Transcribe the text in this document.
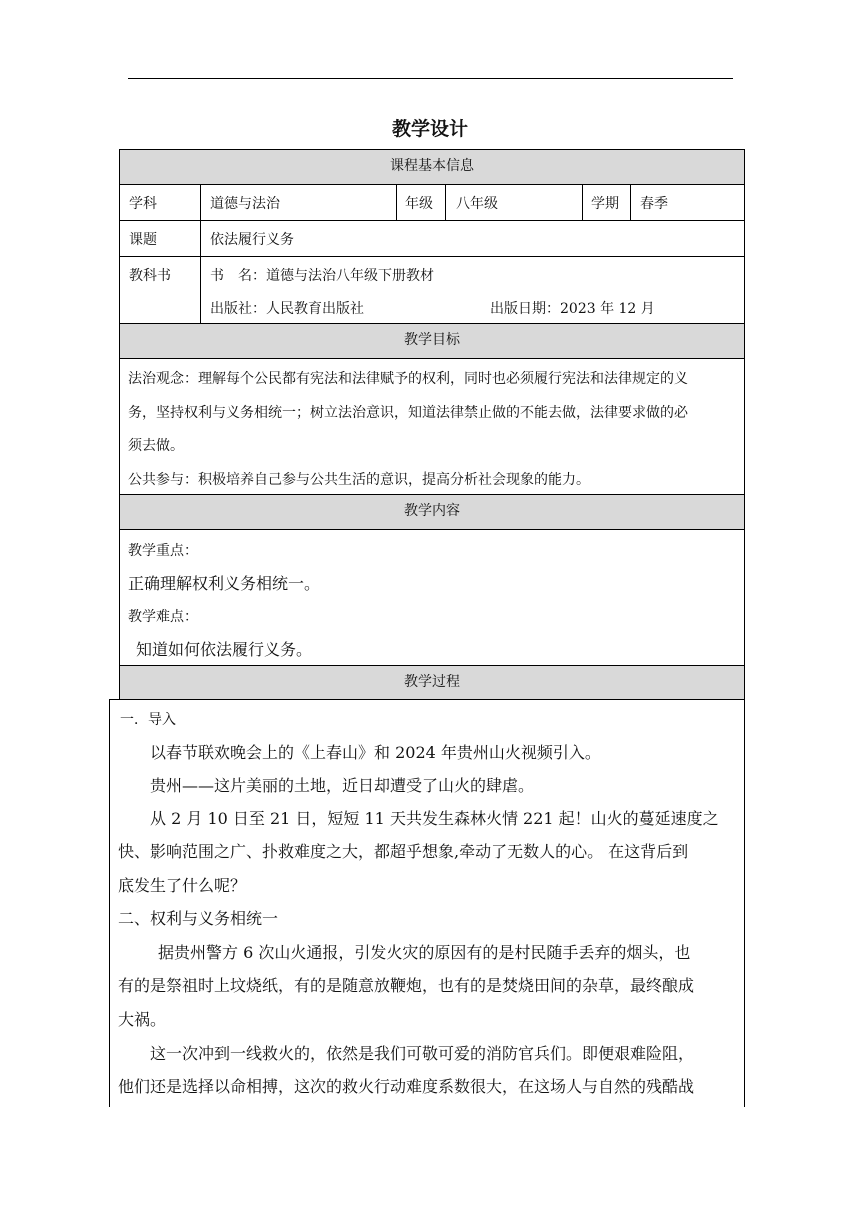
教学设计
课程基本信息
学科	道德与法治	年级 八年级	学期 春季
课题	依法履行义务
教科书	书　名：道德与法治八年级下册教材
出版社：人民教育出版社	出版日期：2023 年 12 月
教学目标
法治观念：理解每个公民都有宪法和法律赋予的权利，同时也必须履行宪法和法律规定的义
务，坚持权利与义务相统一；树立法治意识，知道法律禁止做的不能去做，法律要求做的必
须去做。
公共参与：积极培养自己参与公共生活的意识，提高分析社会现象的能力。
教学内容
教学重点：
正确理解权利义务相统一。
教学难点：
知道如何依法履行义务。
教学过程
一．导入
以春节联欢晚会上的《上春山》和 2024 年贵州山火视频引入。
贵州——这片美丽的土地，近日却遭受了山火的肆虐。
从 2 月 10 日至 21 日，短短 11 天共发生森林火情 221 起！山火的蔓延速度之
快、影响范围之广、扑救难度之大，都超乎想象,牵动了无数人的心。 在这背后到
底发生了什么呢？
二、权利与义务相统一
据贵州警方 6 次山火通报，引发火灾的原因有的是村民随手丢弃的烟头，也
有的是祭祖时上坟烧纸，有的是随意放鞭炮，也有的是焚烧田间的杂草，最终酿成
大祸。
这一次冲到一线救火的，依然是我们可敬可爱的消防官兵们。即便艰难险阻，
他们还是选择以命相搏，这次的救火行动难度系数很大，在这场人与自然的残酷战
